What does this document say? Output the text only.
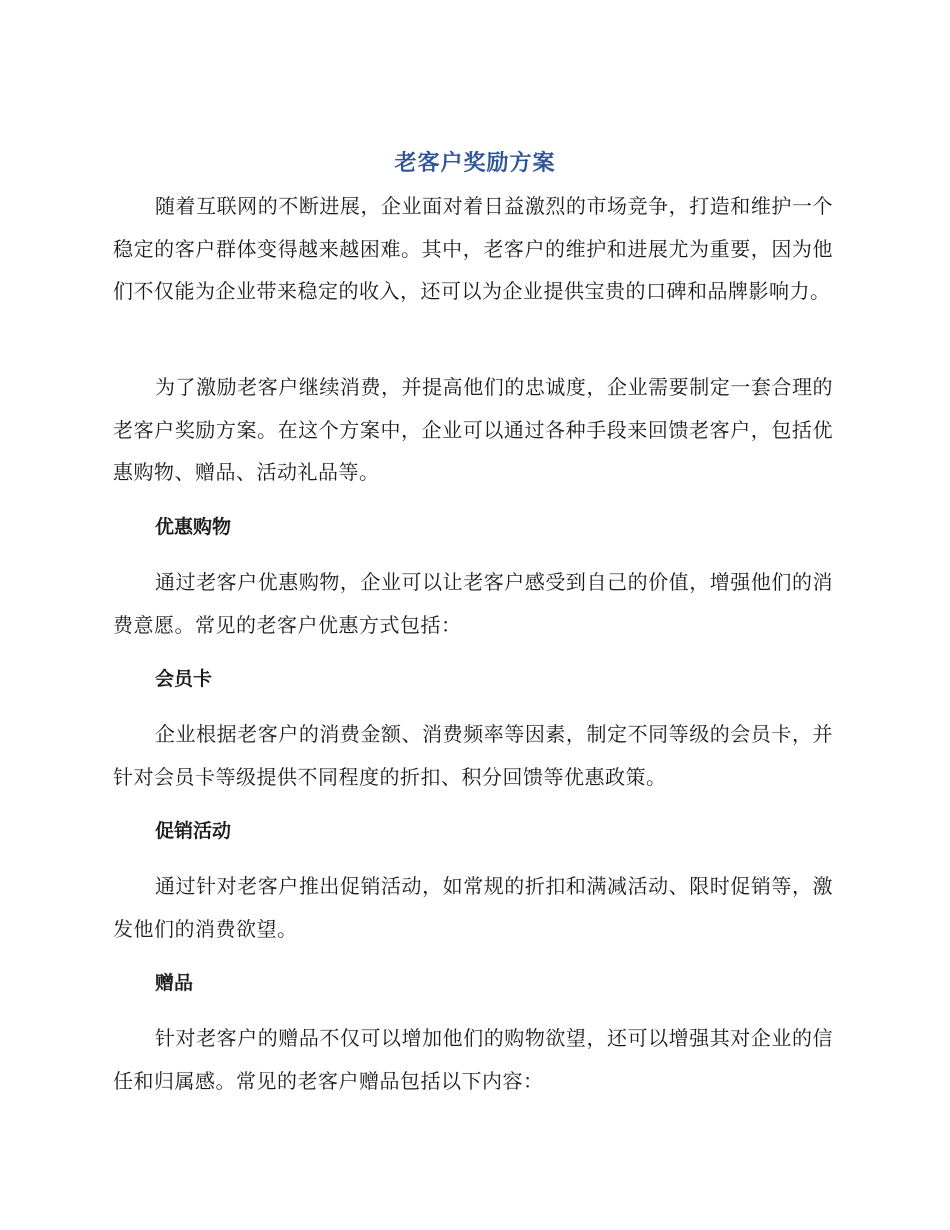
老客户奖励方案

随着互联网的不断进展，企业面对着日益激烈的市场竞争，打造和维护一个稳定的客户群体变得越来越困难。其中，老客户的维护和进展尤为重要，因为他们不仅能为企业带来稳定的收入，还可以为企业提供宝贵的口碑和品牌影响力。

为了激励老客户继续消费，并提高他们的忠诚度，企业需要制定一套合理的老客户奖励方案。在这个方案中，企业可以通过各种手段来回馈老客户，包括优惠购物、赠品、活动礼品等。

优惠购物

通过老客户优惠购物，企业可以让老客户感受到自己的价值，增强他们的消费意愿。常见的老客户优惠方式包括：

会员卡

企业根据老客户的消费金额、消费频率等因素，制定不同等级的会员卡，并针对会员卡等级提供不同程度的折扣、积分回馈等优惠政策。

促销活动

通过针对老客户推出促销活动，如常规的折扣和满减活动、限时促销等，激发他们的消费欲望。

赠品

针对老客户的赠品不仅可以增加他们的购物欲望，还可以增强其对企业的信任和归属感。常见的老客户赠品包括以下内容：
